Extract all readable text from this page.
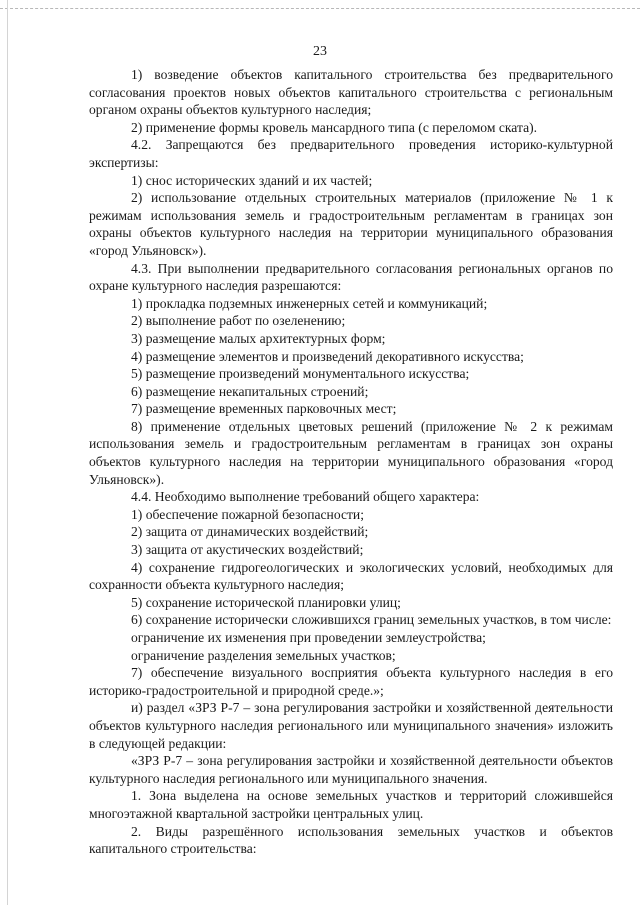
23

1) возведение объектов капитального строительства без предварительного согласования проектов новых объектов капитального строительства с региональным органом охраны объектов культурного наследия;

2) применение формы кровель мансардного типа (с переломом ската).

4.2. Запрещаются без предварительного проведения историко-культурной экспертизы:

1) снос исторических зданий и их частей;

2) использование отдельных строительных материалов (приложение № 1 к режимам использования земель и градостроительным регламентам в границах зон охраны объектов культурного наследия на территории муниципального образования «город Ульяновск»).

4.3. При выполнении предварительного согласования региональных органов по охране культурного наследия разрешаются:

1) прокладка подземных инженерных сетей и коммуникаций;

2) выполнение работ по озеленению;

3) размещение малых архитектурных форм;

4) размещение элементов и произведений декоративного искусства;

5) размещение произведений монументального искусства;

6) размещение некапитальных строений;

7) размещение временных парковочных мест;

8) применение отдельных цветовых решений (приложение № 2 к режимам использования земель и градостроительным регламентам в границах зон охраны объектов культурного наследия на территории муниципального образования «город Ульяновск»).

4.4. Необходимо выполнение требований общего характера:

1) обеспечение пожарной безопасности;

2) защита от динамических воздействий;

3) защита от акустических воздействий;

4) сохранение гидрогеологических и экологических условий, необходимых для сохранности объекта культурного наследия;

5) сохранение исторической планировки улиц;

6) сохранение исторически сложившихся границ земельных участков, в том числе:

ограничение их изменения при проведении землеустройства;

ограничение разделения земельных участков;

7) обеспечение визуального восприятия объекта культурного наследия в его историко-градостроительной и природной среде.»;

и) раздел «ЗРЗ Р-7 – зона регулирования застройки и хозяйственной деятельности объектов культурного наследия регионального или муниципального значения» изложить в следующей редакции:

«ЗРЗ Р-7 – зона регулирования застройки и хозяйственной деятельности объектов культурного наследия регионального или муниципального значения.

1. Зона выделена на основе земельных участков и территорий сложившейся многоэтажной квартальной застройки центральных улиц.

2. Виды разрешённого использования земельных участков и объектов капитального строительства:
